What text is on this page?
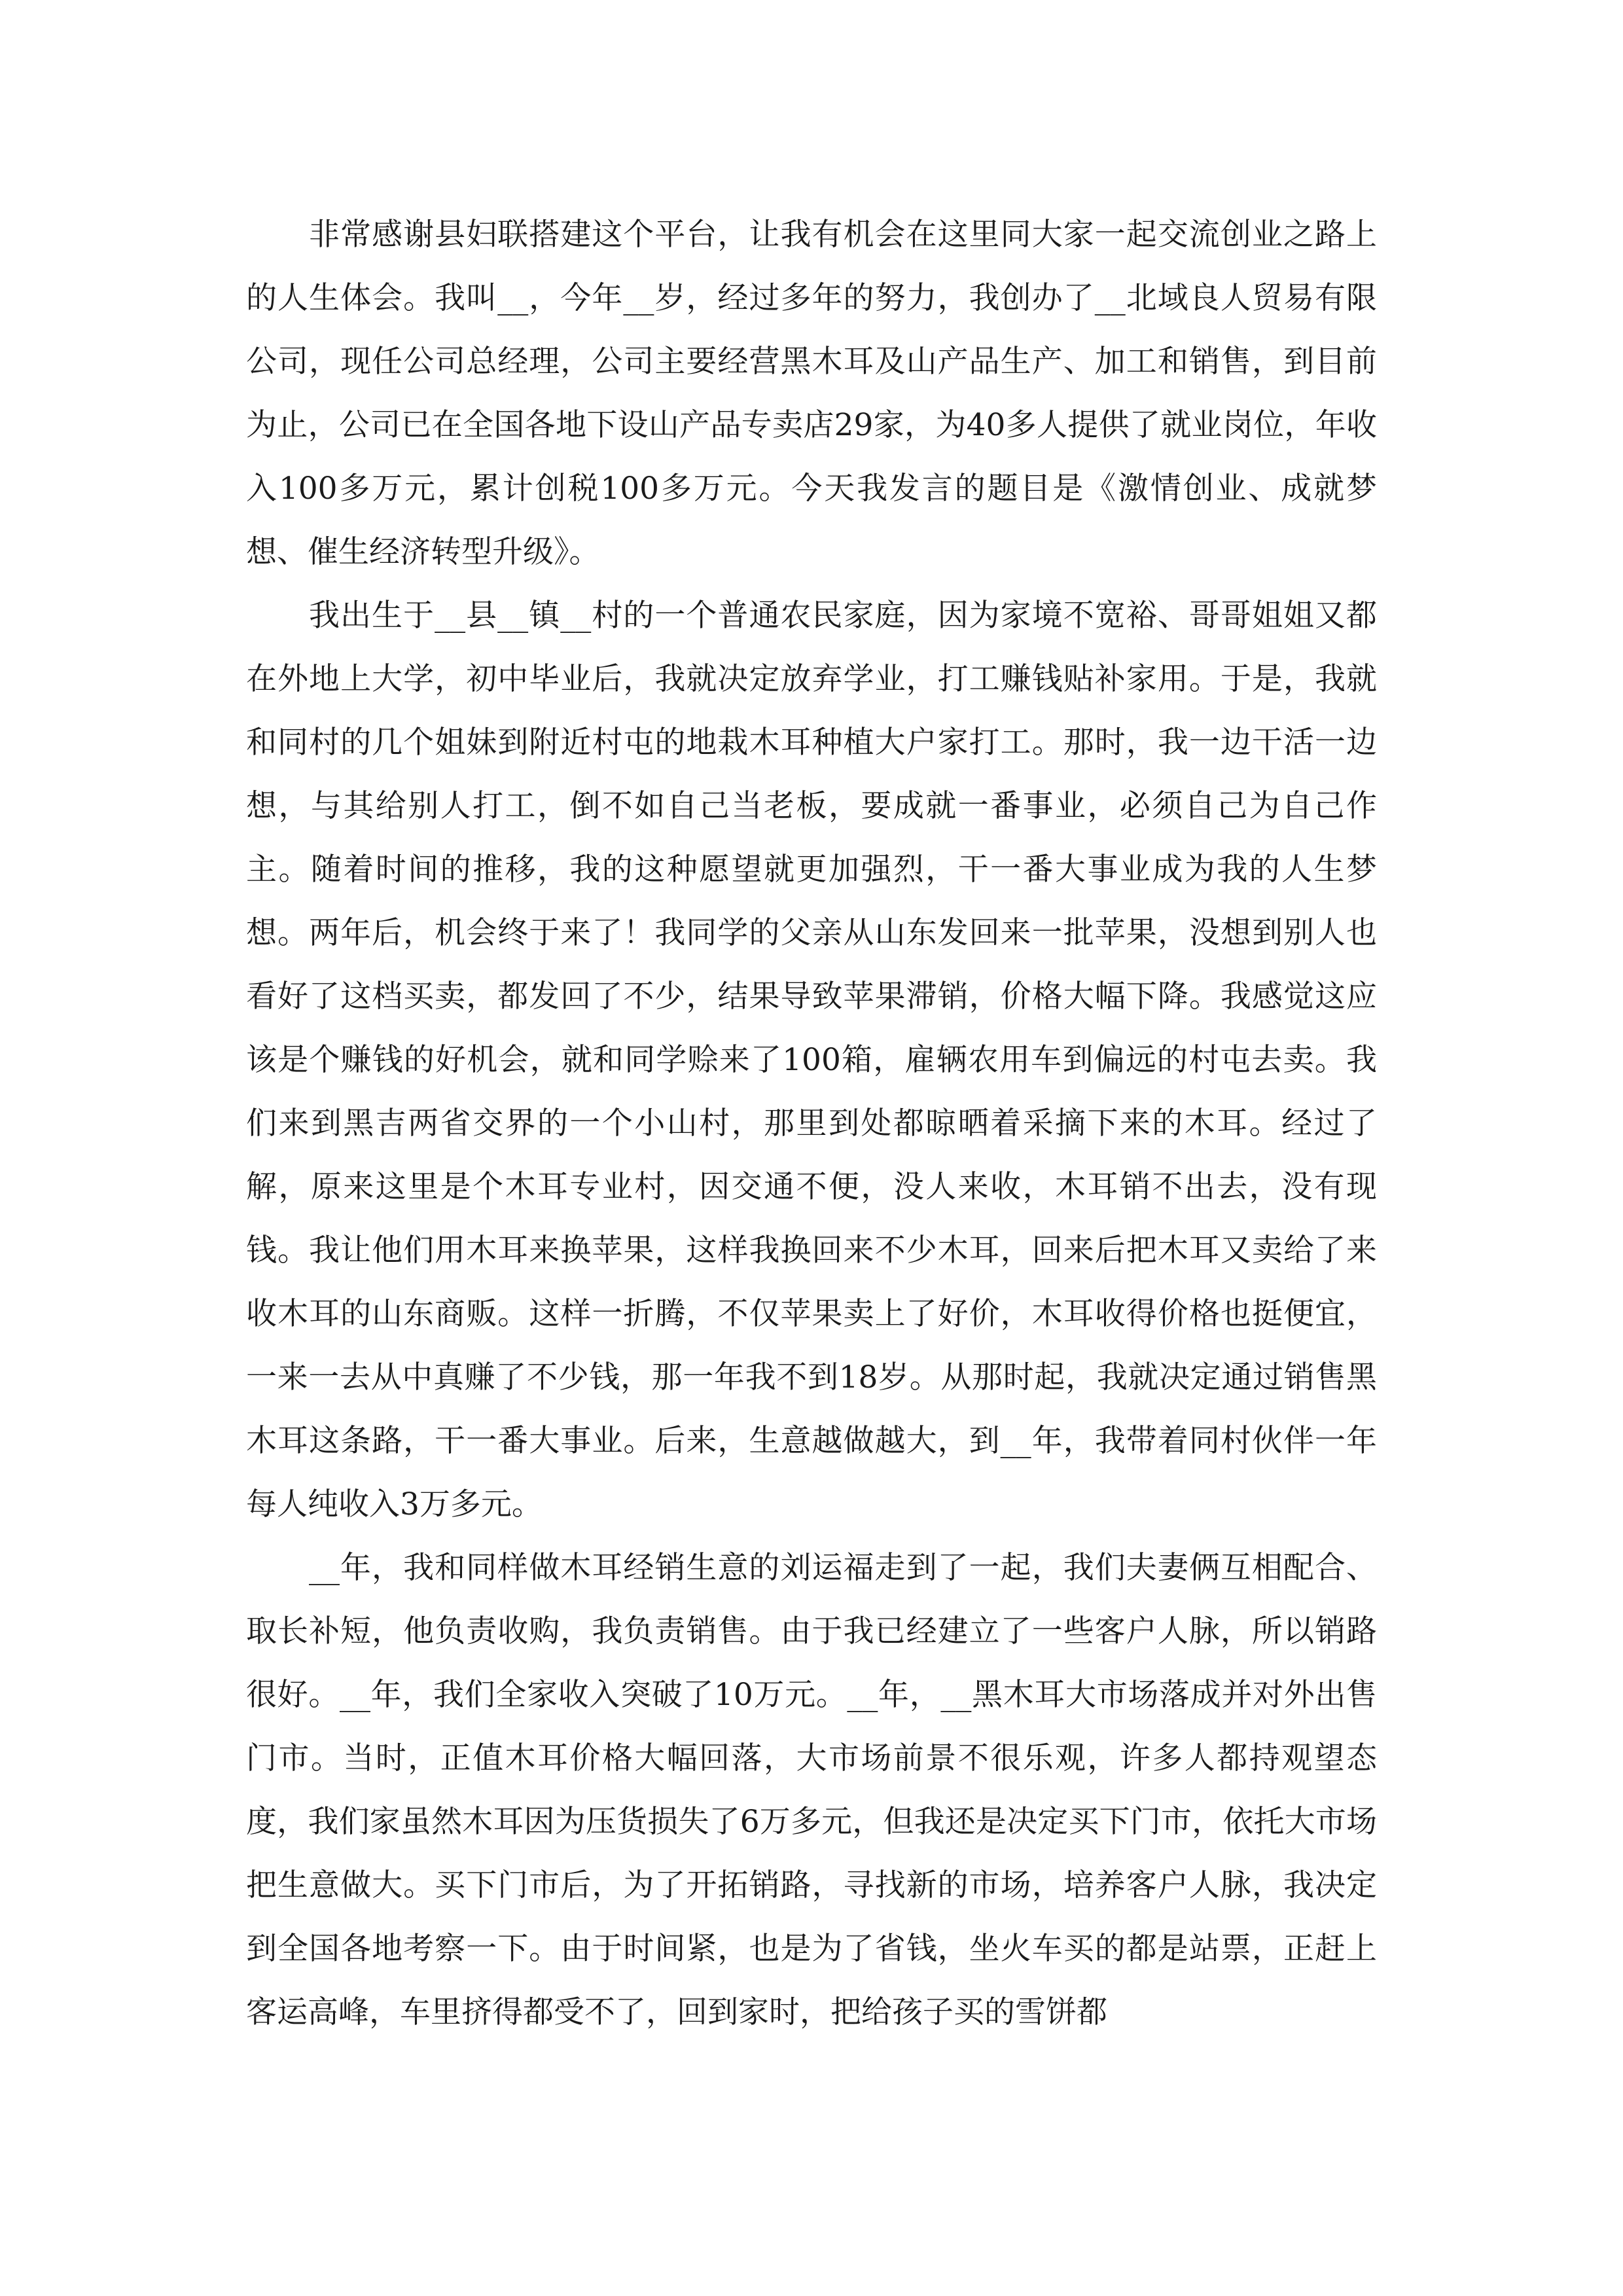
非常感谢县妇联搭建这个平台，让我有机会在这里同大家一起交流创业之路上的人生体会。我叫__，今年__岁，经过多年的努力，我创办了__北域良人贸易有限公司，现任公司总经理，公司主要经营黑木耳及山产品生产、加工和销售，到目前为止，公司已在全国各地下设山产品专卖店29家，为40多人提供了就业岗位，年收入100多万元，累计创税100多万元。今天我发言的题目是《激情创业、成就梦想、催生经济转型升级》。

我出生于__县__镇__村的一个普通农民家庭，因为家境不宽裕、哥哥姐姐又都在外地上大学，初中毕业后，我就决定放弃学业，打工赚钱贴补家用。于是，我就和同村的几个姐妹到附近村屯的地栽木耳种植大户家打工。那时，我一边干活一边想，与其给别人打工，倒不如自己当老板，要成就一番事业，必须自己为自己作主。随着时间的推移，我的这种愿望就更加强烈，干一番大事业成为我的人生梦想。两年后，机会终于来了！我同学的父亲从山东发回来一批苹果，没想到别人也看好了这档买卖，都发回了不少，结果导致苹果滞销，价格大幅下降。我感觉这应该是个赚钱的好机会，就和同学赊来了100箱，雇辆农用车到偏远的村屯去卖。我们来到黑吉两省交界的一个小山村，那里到处都晾晒着采摘下来的木耳。经过了解，原来这里是个木耳专业村，因交通不便，没人来收，木耳销不出去，没有现钱。我让他们用木耳来换苹果，这样我换回来不少木耳，回来后把木耳又卖给了来收木耳的山东商贩。这样一折腾，不仅苹果卖上了好价，木耳收得价格也挺便宜，一来一去从中真赚了不少钱，那一年我不到18岁。从那时起，我就决定通过销售黑木耳这条路，干一番大事业。后来，生意越做越大，到__年，我带着同村伙伴一年每人纯收入3万多元。

__年，我和同样做木耳经销生意的刘运福走到了一起，我们夫妻俩互相配合、取长补短，他负责收购，我负责销售。由于我已经建立了一些客户人脉，所以销路很好。__年，我们全家收入突破了10万元。__年，__黑木耳大市场落成并对外出售门市。当时，正值木耳价格大幅回落，大市场前景不很乐观，许多人都持观望态度，我们家虽然木耳因为压货损失了6万多元，但我还是决定买下门市，依托大市场把生意做大。买下门市后，为了开拓销路，寻找新的市场，培养客户人脉，我决定到全国各地考察一下。由于时间紧，也是为了省钱，坐火车买的都是站票，正赶上客运高峰，车里挤得都受不了，回到家时，把给孩子买的雪饼都
